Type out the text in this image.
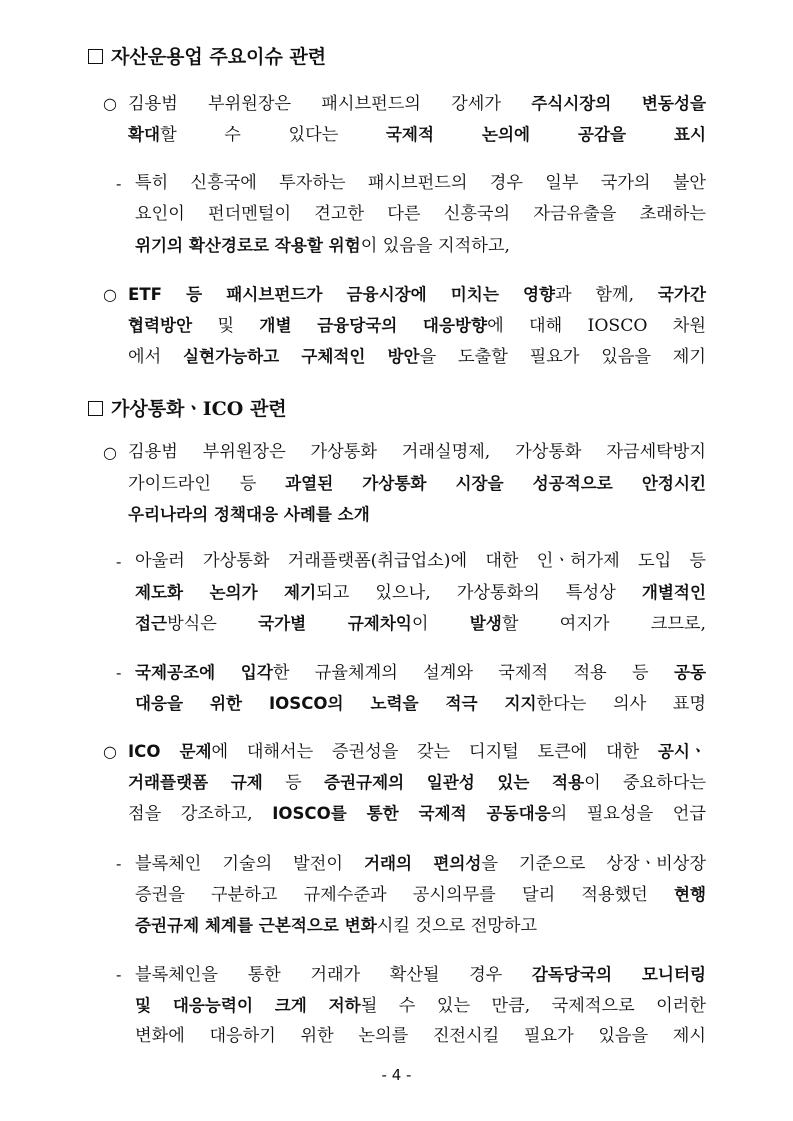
자산운용업 주요이슈 관련
가상통화ㆍICO 관련
○
-
○
○
-
-
○
-
-
김용범 부위원장은 패시브펀드의 강세가 주식시장의 변동성을
확대할 수 있다는 국제적 논의에 공감을 표시
특히 신흥국에 투자하는 패시브펀드의 경우 일부 국가의 불안
요인이 펀더멘털이 견고한 다른 신흥국의 자금유출을 초래하는
위기의 확산경로로 작용할 위험이 있음을 지적하고,
ETF 등 패시브펀드가 금융시장에 미치는 영향과 함께, 국가간
협력방안 및 개별 금융당국의 대응방향에 대해 IOSCO 차원
에서 실현가능하고 구체적인 방안을 도출할 필요가 있음을 제기
김용범 부위원장은 가상통화 거래실명제, 가상통화 자금세탁방지
가이드라인 등 과열된 가상통화 시장을 성공적으로 안정시킨
우리나라의 정책대응 사례를 소개
아울러 가상통화 거래플랫폼(취급업소)에 대한 인ㆍ허가제 도입 등
제도화 논의가 제기되고 있으나, 가상통화의 특성상 개별적인
접근방식은 국가별 규제차익이 발생할 여지가 크므로,
국제공조에 입각한 규율체계의 설계와 국제적 적용 등 공동
대응을 위한 IOSCO의 노력을 적극 지지한다는 의사 표명
ICO 문제에 대해서는 증권성을 갖는 디지털 토큰에 대한 공시ㆍ
거래플랫폼 규제 등 증권규제의 일관성 있는 적용이 중요하다는
점을 강조하고, IOSCO를 통한 국제적 공동대응의 필요성을 언급
블록체인 기술의 발전이 거래의 편의성을 기준으로 상장ㆍ비상장
증권을 구분하고 규제수준과 공시의무를 달리 적용했던 현행
증권규제 체계를 근본적으로 변화시킬 것으로 전망하고
블록체인을 통한 거래가 확산될 경우 감독당국의 모니터링
및 대응능력이 크게 저하될 수 있는 만큼, 국제적으로 이러한
변화에 대응하기 위한 논의를 진전시킬 필요가 있음을 제시
- 4 -
